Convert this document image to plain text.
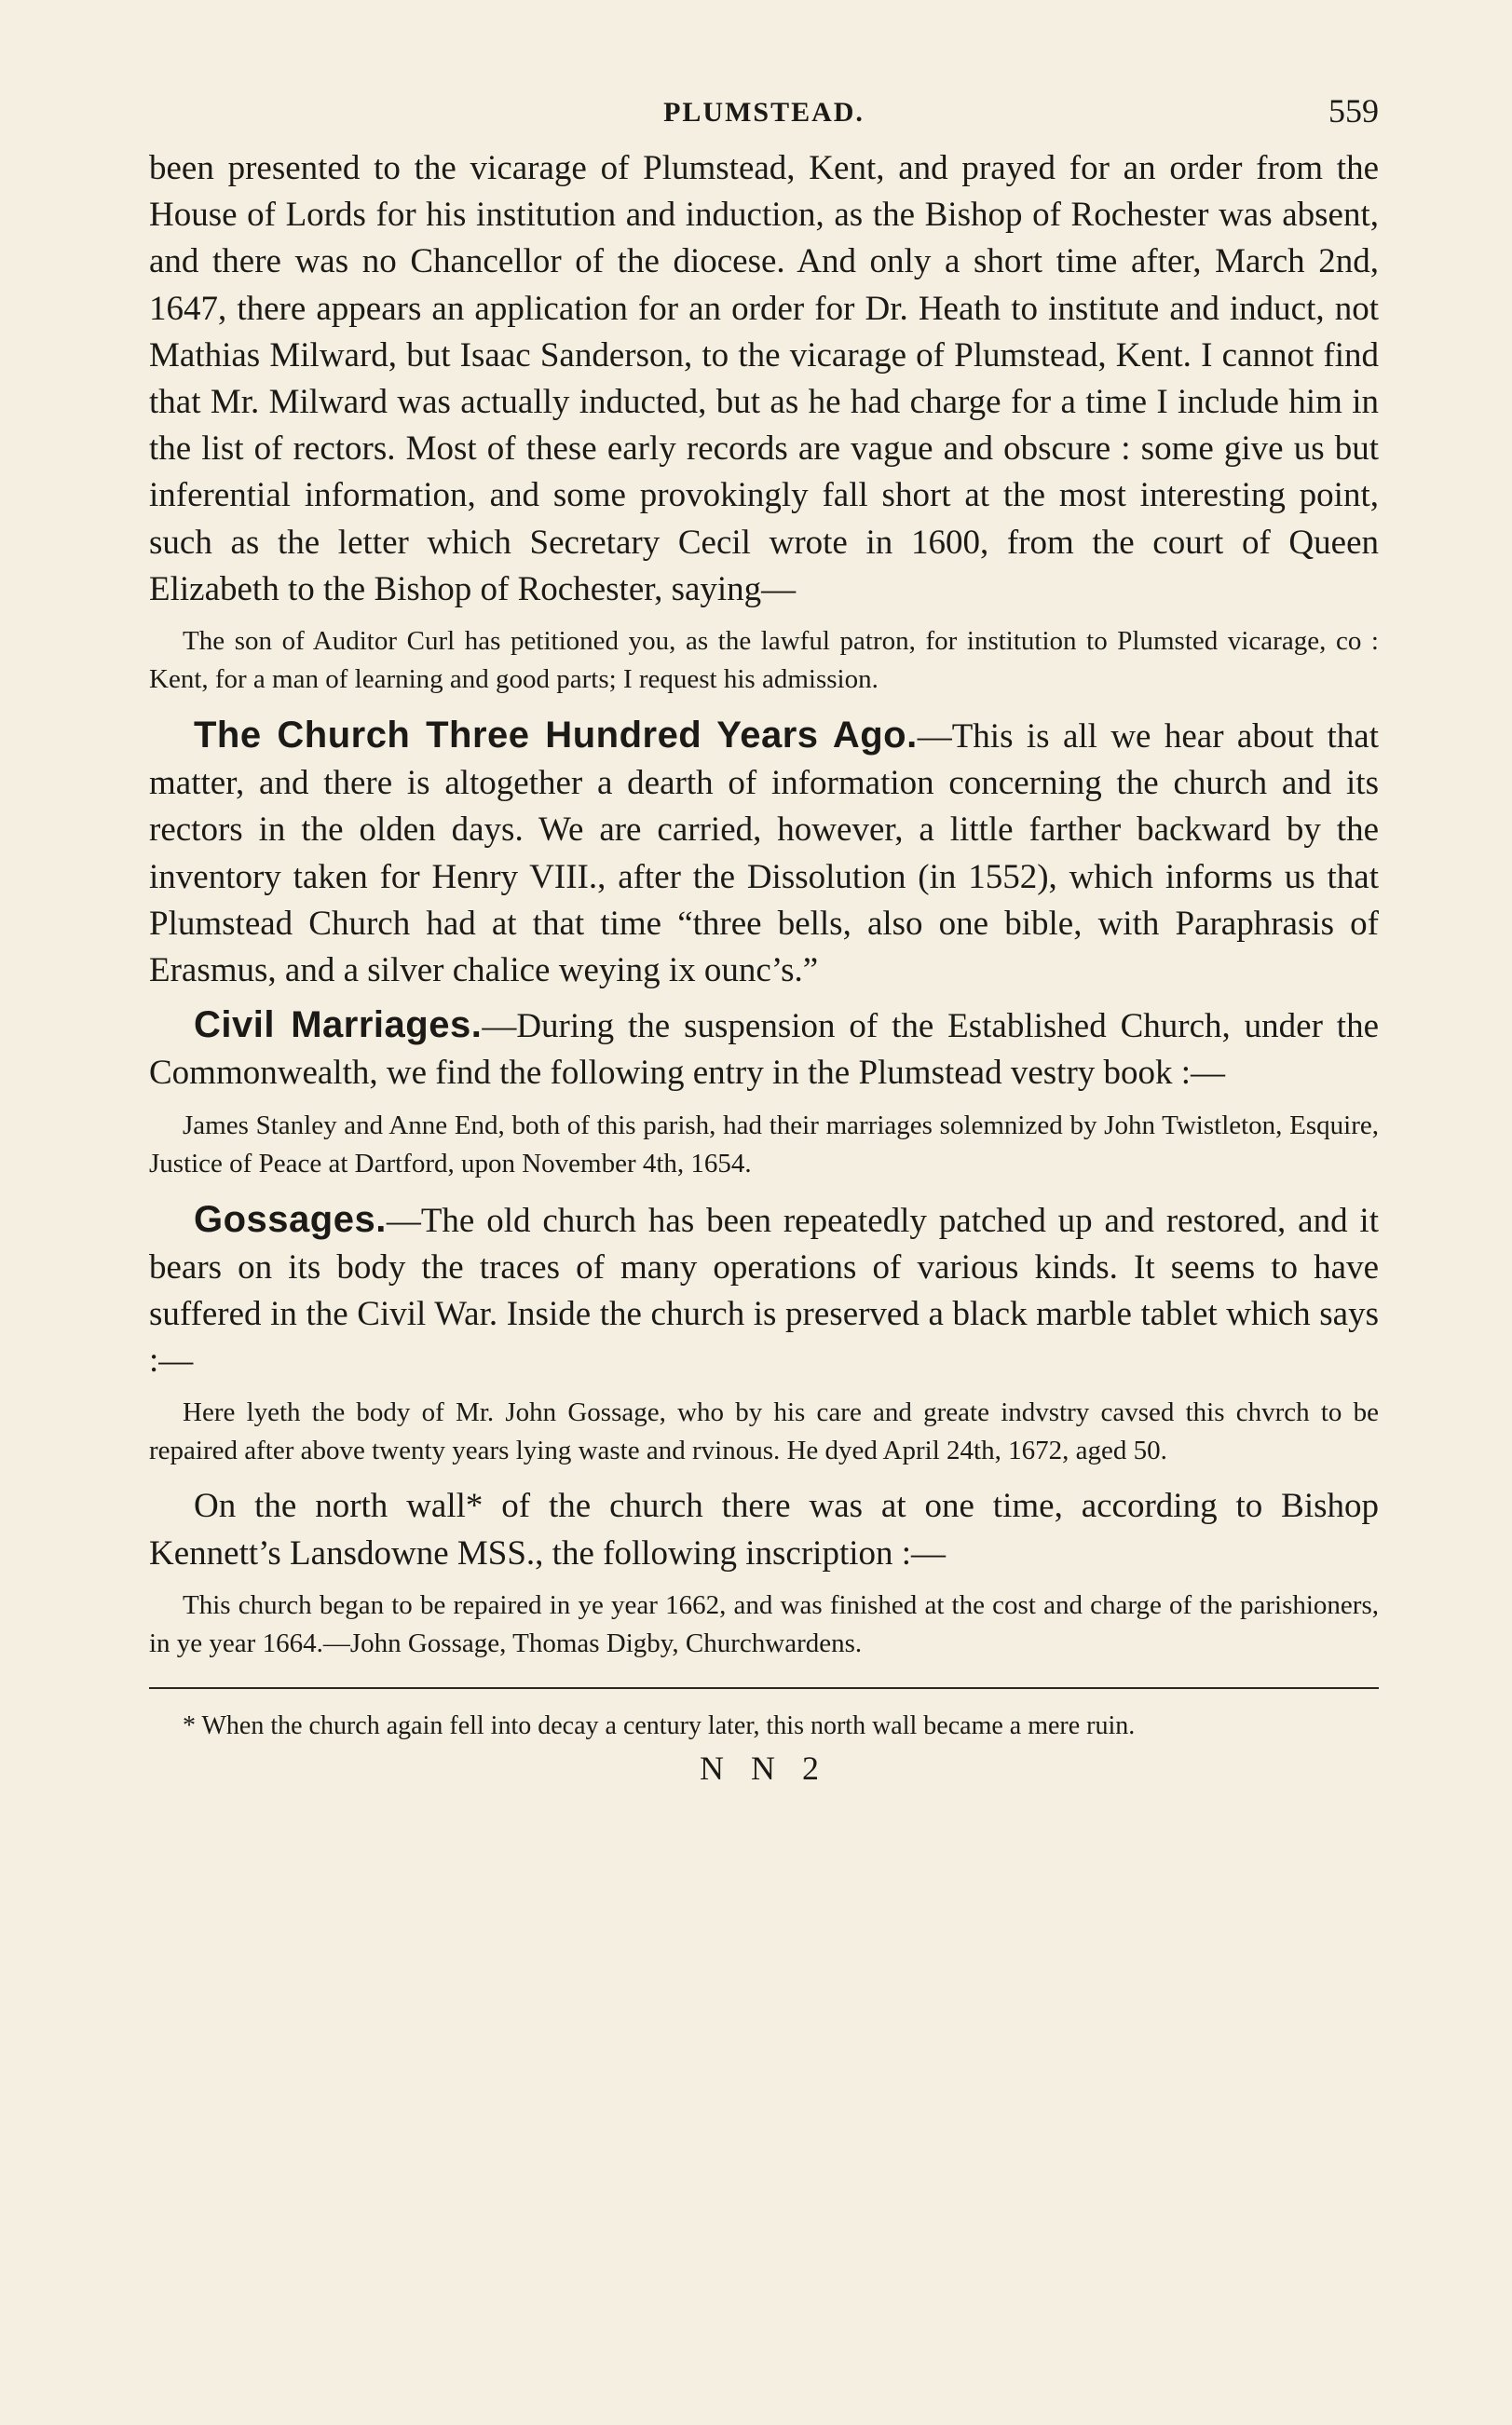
PLUMSTEAD.	559

been presented to the vicarage of Plumstead, Kent, and prayed for an order from the House of Lords for his institution and induction, as the Bishop of Rochester was absent, and there was no Chancellor of the diocese. And only a short time after, March 2nd, 1647, there appears an application for an order for Dr. Heath to institute and induct, not Mathias Milward, but Isaac Sanderson, to the vicarage of Plumstead, Kent. I cannot find that Mr. Milward was actually inducted, but as he had charge for a time I include him in the list of rectors. Most of these early records are vague and obscure : some give us but inferential information, and some provokingly fall short at the most interesting point, such as the letter which Secretary Cecil wrote in 1600, from the court of Queen Elizabeth to the Bishop of Rochester, saying—

The son of Auditor Curl has petitioned you, as the lawful patron, for institution to Plumsted vicarage, co : Kent, for a man of learning and good parts; I request his admission.

The Church Three Hundred Years Ago.—This is all we hear about that matter, and there is altogether a dearth of information concerning the church and its rectors in the olden days. We are carried, however, a little farther backward by the inventory taken for Henry VIII., after the Dissolution (in 1552), which informs us that Plumstead Church had at that time “three bells, also one bible, with Paraphrasis of Erasmus, and a silver chalice weying ix ounc’s.”

Civil Marriages.—During the suspension of the Established Church, under the Commonwealth, we find the following entry in the Plumstead vestry book :—

James Stanley and Anne End, both of this parish, had their marriages solemnized by John Twistleton, Esquire, Justice of Peace at Dartford, upon November 4th, 1654.

Gossages.—The old church has been repeatedly patched up and restored, and it bears on its body the traces of many operations of various kinds. It seems to have suffered in the Civil War. Inside the church is preserved a black marble tablet which says :—

Here lyeth the body of Mr. John Gossage, who by his care and greate indvstry cavsed this chvrch to be repaired after above twenty years lying waste and rvinous. He dyed April 24th, 1672, aged 50.

On the north wall* of the church there was at one time, according to Bishop Kennett’s Lansdowne MSS., the following inscription :—

This church began to be repaired in ye year 1662, and was finished at the cost and charge of the parishioners, in ye year 1664.—John Gossage, Thomas Digby, Churchwardens.

* When the church again fell into decay a century later, this north wall became a mere ruin.

N N 2
